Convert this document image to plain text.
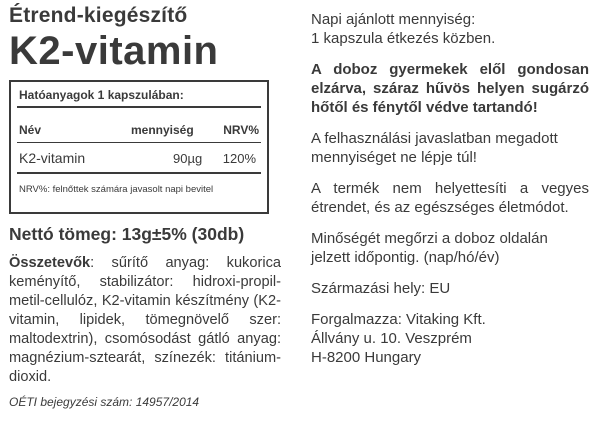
Étrend-kiegészítő
K2-vitamin
Hatóanyagok 1 kapszulában:
Név	mennyiség NRV%
K2-vitamin	90µg 120%
NRV%: felnőttek számára javasolt napi bevitel
Nettó tömeg: 13g±5% (30db)
Összetevők: sűrítő anyag: kukorica keményítő, stabilizátor: hidroxi-propil-metil-cellulóz, K2-vitamin készítmény (K2-vitamin, lipidek, tömegnövelő szer: maltodextrin), csomósodást gátló anyag: magnézium-sztearát, színezék: titánium-dioxid.
OÉTI bejegyzési szám: 14957/2014

Napi ajánlott mennyiség:
1 kapszula étkezés közben.

A doboz gyermekek elől gondosan elzárva, száraz hűvös helyen sugárzó hőtől és fénytől védve tartandó!

A felhasználási javaslatban megadott mennyiséget ne lépje túl!

A termék nem helyettesíti a vegyes étrendet, és az egészséges életmódot.

Minőségét megőrzi a doboz oldalán jelzett időpontig. (nap/hó/év)

Származási hely: EU

Forgalmazza: Vitaking Kft.
Állvány u. 10. Veszprém
H-8200 Hungary
